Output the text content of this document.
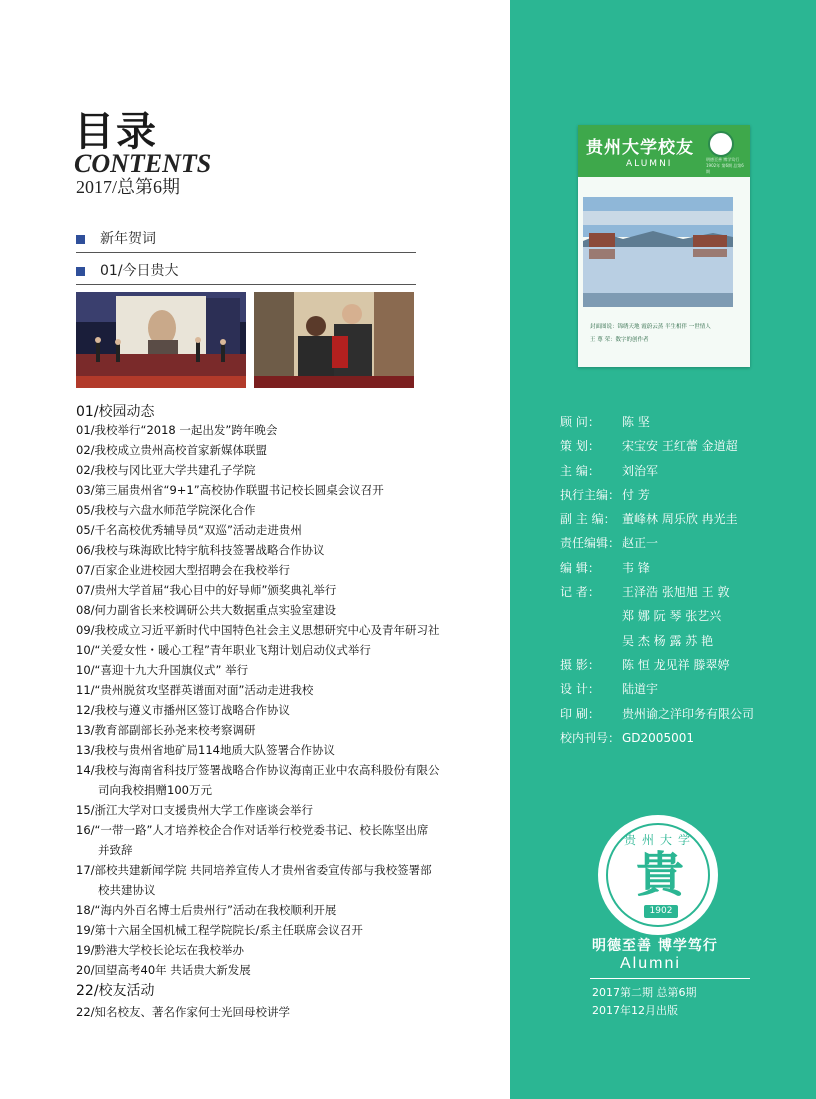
目录
CONTENTS
2017/总第6期
新年贺词
01/今日贵大
01/校园动态
01/我校举行“2018 一起出发”跨年晚会
02/我校成立贵州高校首家新媒体联盟
02/我校与冈比亚大学共建孔子学院
03/第三届贵州省“9+1”高校协作联盟书记校长圆桌会议召开
05/我校与六盘水师范学院深化合作
05/千名高校优秀辅导员“双巡”活动走进贵州
06/我校与珠海欧比特宇航科技签署战略合作协议
07/百家企业进校园大型招聘会在我校举行
07/贵州大学首届“我心目中的好导师”颁奖典礼举行
08/何力副省长来校调研公共大数据重点实验室建设
09/我校成立习近平新时代中国特色社会主义思想研究中心及青年研习社
10/“关爱女性・暖心工程”青年职业飞翔计划启动仪式举行
10/“喜迎十九大升国旗仪式” 举行
11/“贵州脱贫攻坚群英谱面对面”活动走进我校
12/我校与遵义市播州区签订战略合作协议
13/教育部副部长孙尧来校考察调研
13/我校与贵州省地矿局114地质大队签署合作协议
14/我校与海南省科技厅签署战略合作协议海南正业中农高科股份有限公
司向我校捐赠100万元
15/浙江大学对口支援贵州大学工作座谈会举行
16/“一带一路”人才培养校企合作对话举行校党委书记、校长陈坚出席
并致辞
17/部校共建新闻学院 共同培养宣传人才贵州省委宣传部与我校签署部
校共建协议
18/“海内外百名博士后贵州行”活动在我校顺利开展
19/第十六届全国机械工程学院院长/系主任联席会议召开
19/黔港大学校长论坛在我校举办
20/回望高考40年 共话贵大新发展
22/校友活动
22/知名校友、著名作家何士光回母校讲学
贵州大学校友
ALUMNI	明德至善 博学笃行 1902年 第6期 总第6期
封面图说：锦绣天地 霞蔚云蒸 半生相伴 一世情人
王 尊 荣：数字的创作者
顾 问：	陈 坚
策 划：	宋宝安 王红蕾 金道超
主 编：	刘治军
执行主编： 付 芳
副 主 编： 董峰林 周乐欣 冉光圭
责任编辑： 赵正一
编 辑：	韦 锋
记 者：	王泽浩 张旭旭 王 敦
郑 娜 阮 琴 张艺兴
吴 杰 杨 露 苏 艳
摄 影：	陈 恒 龙见祥 滕翠婷
设 计：	陆道宇
印 刷：	贵州谕之洋印务有限公司
校内刊号： GD2005001
贵州大学
貴
1902
明德至善 博学笃行
Alumni
2017第二期 总第6期
2017年12月出版
